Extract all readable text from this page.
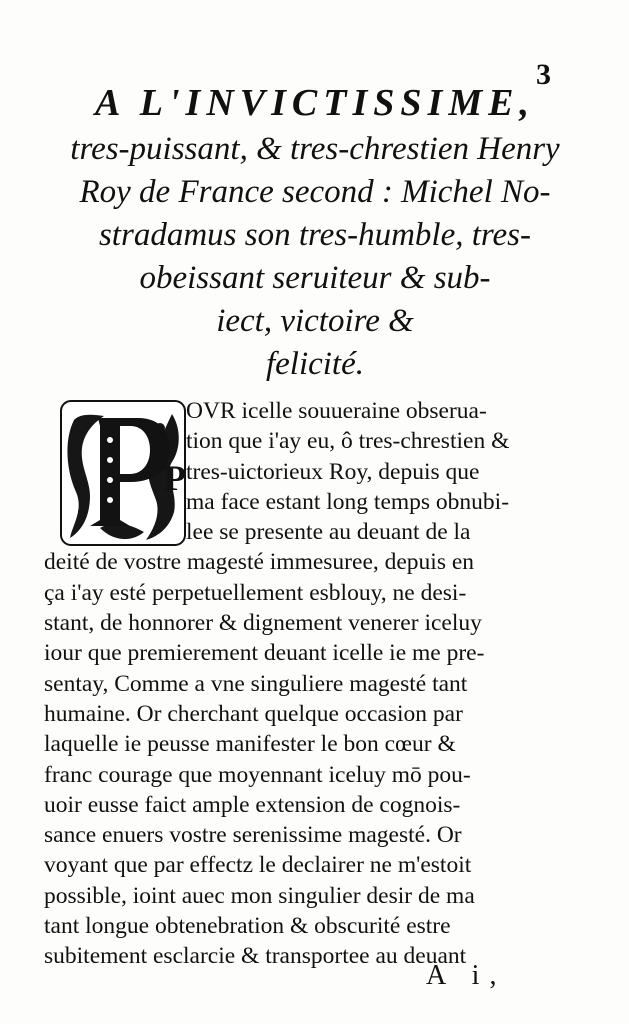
3
A L'INVICTISSIME,
tres-puissant, & tres-chrestien Henry
Roy de France second : Michel No-
stradamus son tres-humble, tres-
obeissant seruiteur & sub-
iect, victoire &
felicité.
P
OVR icelle souueraine obserua-
tion que i'ay eu, ô tres-chrestien &
tres-uictorieux Roy, depuis que
ma face estant long temps obnubi-
lee se presente au deuant de la
deité de vostre magesté immesuree, depuis en
ça i'ay esté perpetuellement esblouy, ne desi-
stant, de honnorer & dignement venerer iceluy
iour que premierement deuant icelle ie me pre-
sentay, Comme a vne singuliere magesté tant
humaine. Or cherchant quelque occasion par
laquelle ie peusse manifester le bon cœur &
franc courage que moyennant iceluy mō pou-
uoir eusse faict ample extension de cognois-
sance enuers vostre serenissime magesté. Or
voyant que par effectz le declairer ne m'estoit
possible, ioint auec mon singulier desir de ma
tant longue obtenebration & obscurité estre
subitement esclarcie & transportee au deuant
A i,
